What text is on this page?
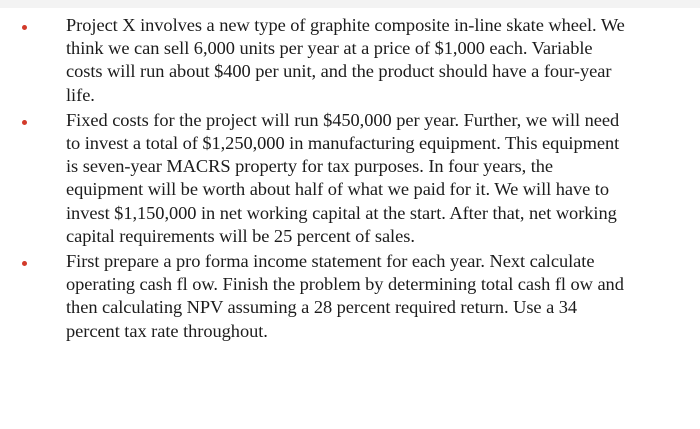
Project X involves a new type of graphite composite in-line skate wheel. We
think we can sell 6,000 units per year at a price of $1,000 each. Variable
costs will run about $400 per unit, and the product should have a four-year
life.

Fixed costs for the project will run $450,000 per year. Further, we will need
to invest a total of $1,250,000 in manufacturing equipment. This equipment
is seven-year MACRS property for tax purposes. In four years, the
equipment will be worth about half of what we paid for it. We will have to
invest $1,150,000 in net working capital at the start. After that, net working
capital requirements will be 25 percent of sales.

First prepare a pro forma income statement for each year. Next calculate
operating cash fl ow. Finish the problem by determining total cash fl ow and
then calculating NPV assuming a 28 percent required return. Use a 34
percent tax rate throughout.
